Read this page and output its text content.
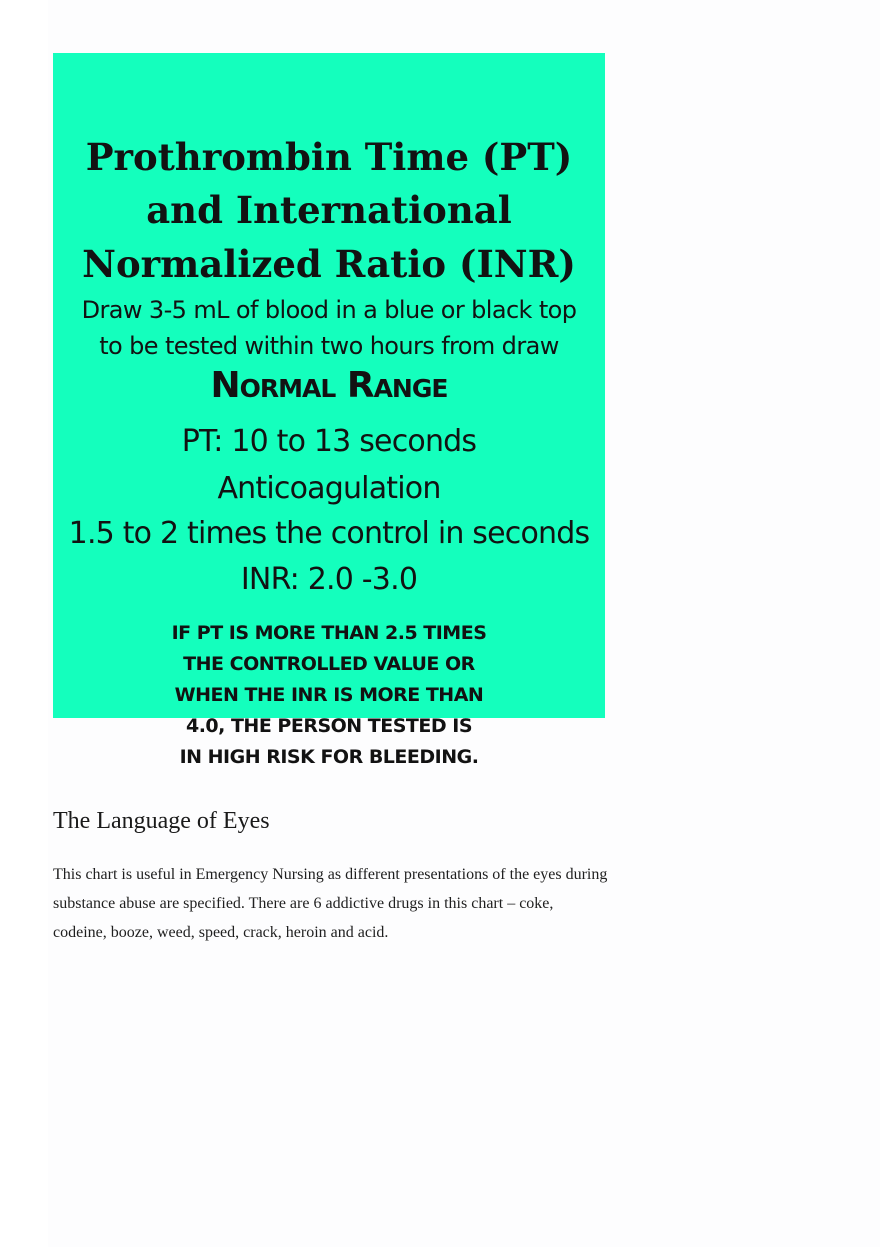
Prothrombin Time (PT)
and International
Normalized Ratio (INR)
Draw 3-5 mL of blood in a blue or black top
to be tested within two hours from draw
Normal Range
PT: 10 to 13 seconds
Anticoagulation
1.5 to 2 times the control in seconds
INR: 2.0 -3.0
IF PT IS MORE THAN 2.5 TIMES
THE CONTROLLED VALUE OR
WHEN THE INR IS MORE THAN
4.0, THE PERSON TESTED IS
IN HIGH RISK FOR BLEEDING.
The Language of Eyes

This chart is useful in Emergency Nursing as different presentations of the eyes during
substance abuse are specified. There are 6 addictive drugs in this chart – coke,
codeine, booze, weed, speed, crack, heroin and acid.
